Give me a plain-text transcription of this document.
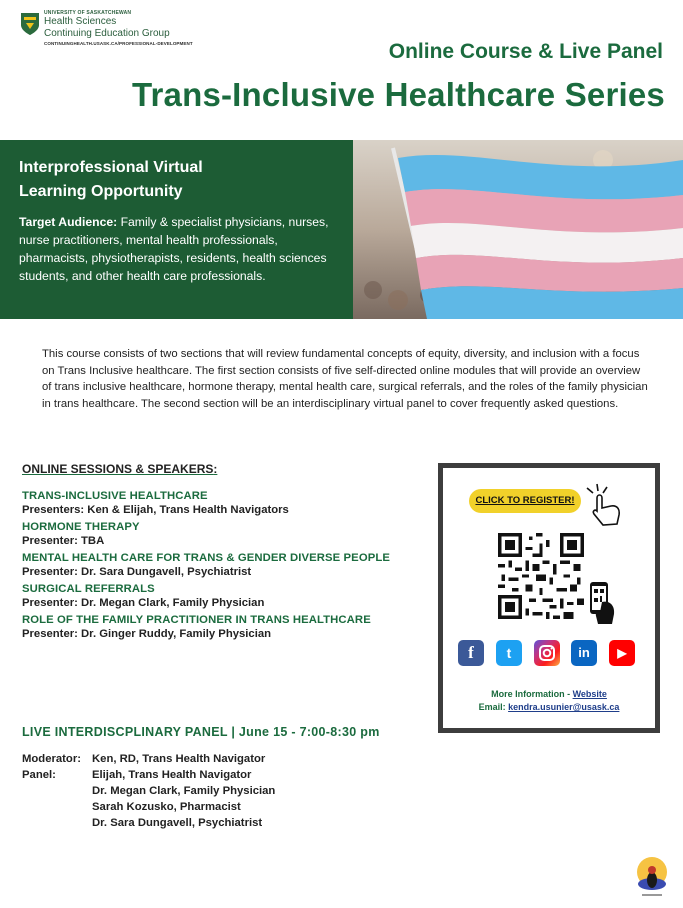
UNIVERSITY OF SASKATCHEWAN
Health Sciences
Continuing Education Group
CONTINUINGHEALTH.USASK.CA/PROFESSIONAL-DEVELOPMENT	Online Course & Live Panel
Trans-Inclusive Healthcare Series
Interprofessional Virtual Learning Opportunity
Target Audience: Family & specialist physicians, nurses, nurse practitioners, mental health professionals, pharmacists, physiotherapists, residents, health sciences students, and other health care professionals.
This course consists of two sections that will review fundamental concepts of equity, diversity, and inclusion with a focus on Trans Inclusive healthcare. The first section consists of five self-directed online modules that will provide an overview of trans inclusive healthcare, hormone therapy, mental health care, surgical referrals, and the roles of the family physician in trans healthcare. The second section will be an interdisciplinary virtual panel to cover frequently asked questions.
ONLINE SESSIONS & SPEAKERS:
TRANS-INCLUSIVE HEALTHCARE
Presenters: Ken & Elijah, Trans Health Navigators
HORMONE THERAPY
Presenter: TBA
MENTAL HEALTH CARE FOR TRANS & GENDER DIVERSE PEOPLE
Presenter: Dr. Sara Dungavell, Psychiatrist
SURGICAL REFERRALS
Presenter: Dr. Megan Clark, Family Physician
ROLE OF THE FAMILY PRACTITIONER IN TRANS HEALTHCARE
Presenter: Dr. Ginger Ruddy, Family Physician
LIVE INTERDISCPLINARY PANEL | June 15 - 7:00-8:30 pm
Moderator: Ken, RD, Trans Health Navigator
Panel:	Elijah, Trans Health Navigator
Dr. Megan Clark, Family Physician
Sarah Kozusko, Pharmacist
Dr. Sara Dungavell, Psychiatrist
CLICK TO REGISTER!
f	t	in	▶
More Information - Website
Email: kendra.usunier@usask.ca
